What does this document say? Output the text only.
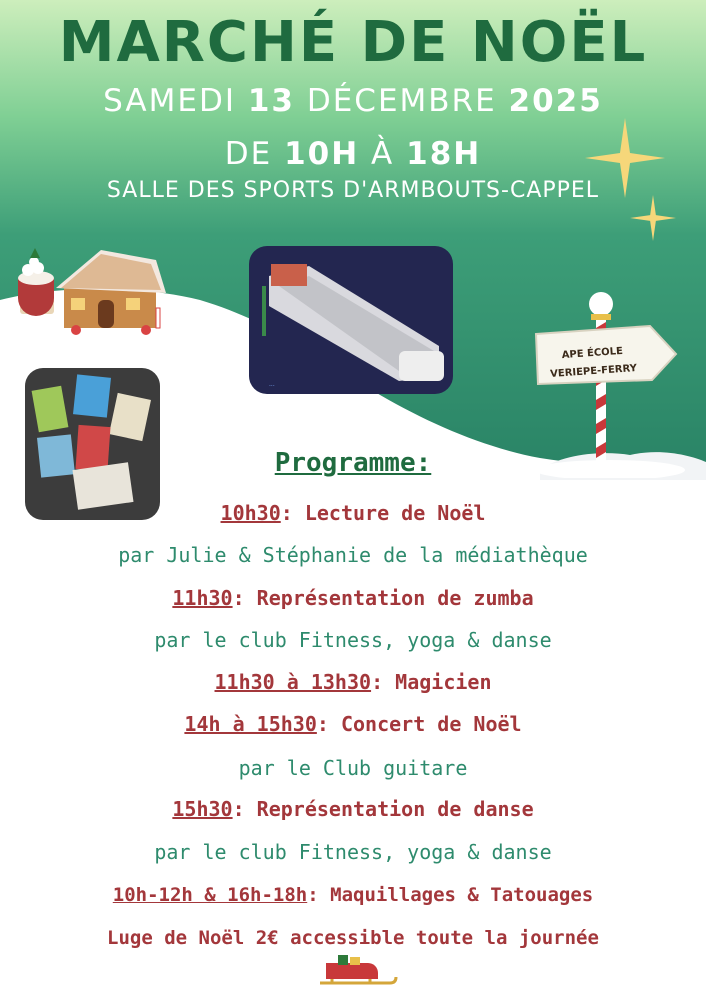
MARCHÉ DE NOËL
SAMEDI 13 DÉCEMBRE 2025
DE 10H À 18H
SALLE DES SPORTS D'ARMBOUTS-CAPPEL
...
APE ÉCOLE
VERIEPE-FERRY
Programme:
10h30: Lecture de Noël
par Julie & Stéphanie de la médiathèque
11h30: Représentation de zumba
par le club Fitness, yoga & danse
11h30 à 13h30: Magicien
14h à 15h30: Concert de Noël
par le Club guitare
15h30: Représentation de danse
par le club Fitness, yoga & danse
10h-12h & 16h-18h: Maquillages & Tatouages
Luge de Noël 2€ accessible toute la journée
